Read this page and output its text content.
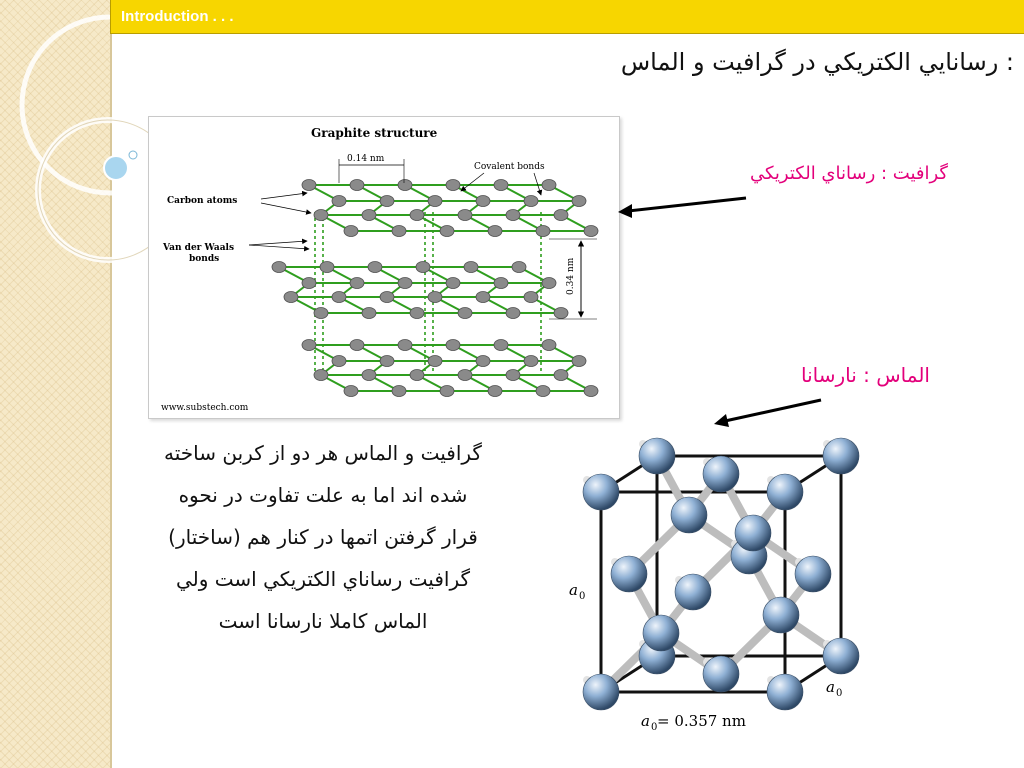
Introduction . . .
: رسانايي الكتريكي در گرافيت و الماس
Graphite structure
0.14 nm
Covalent bonds
Carbon atoms
Van der Waals
bonds	0.34 nm
www.substech.com
گرافيت : رساناي الكتريكي
الماس : نارسانا
گرافیت و الماس هر دو از کربن ساخته
شده اند اما به علت تفاوت در نحوه
قرار گرفتن اتمها در کنار هم (ساختار)
گرافیت رساناي الكتريكي است ولي
الماس کاملا نارسانا است
a 0
a 0
a 0 = 0.357 nm
